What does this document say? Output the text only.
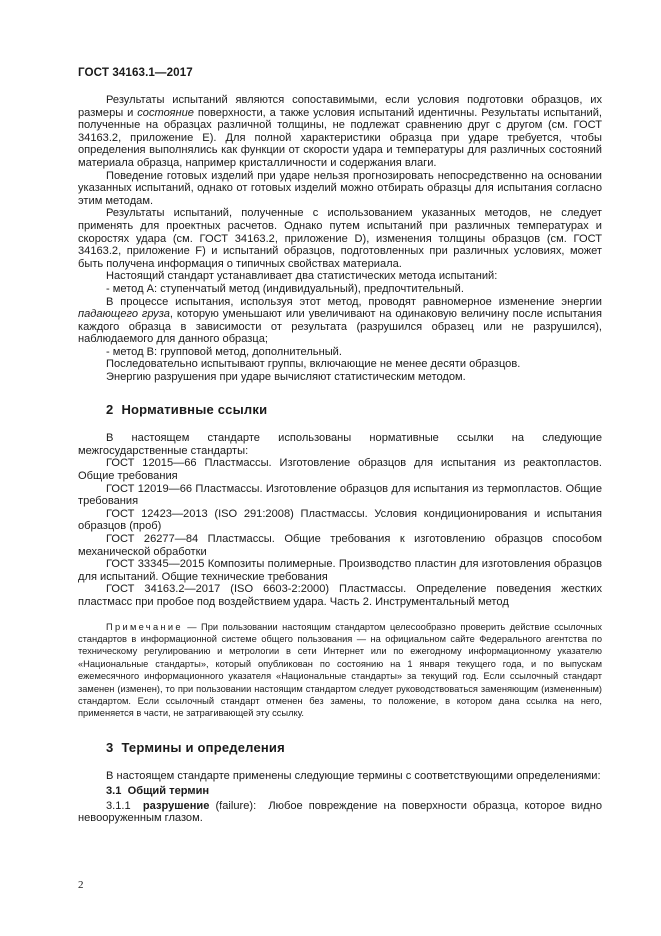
ГОСТ 34163.1—2017

Результаты испытаний являются сопоставимыми, если условия подготовки образцов, их размеры и состояние поверхности, а также условия испытаний идентичны. Результаты испытаний, полученные на образцах различной толщины, не подлежат сравнению друг с другом (см. ГОСТ 34163.2, приложение Е). Для полной характеристики образца при ударе требуется, чтобы определения выполнялись как функции от скорости удара и температуры для различных состояний материала образца, например кристалличности и содержания влаги.

Поведение готовых изделий при ударе нельзя прогнозировать непосредственно на основании указанных испытаний, однако от готовых изделий можно отбирать образцы для испытания согласно этим методам.

Результаты испытаний, полученные с использованием указанных методов, не следует применять для проектных расчетов. Однако путем испытаний при различных температурах и скоростях удара (см. ГОСТ 34163.2, приложение D), изменения толщины образцов (см. ГОСТ 34163.2, приложение F) и испытаний образцов, подготовленных при различных условиях, может быть получена информация о типичных свойствах материала.

Настоящий стандарт устанавливает два статистических метода испытаний:

- метод А: ступенчатый метод (индивидуальный), предпочтительный.

В процессе испытания, используя этот метод, проводят равномерное изменение энергии падающего груза, которую уменьшают или увеличивают на одинаковую величину после испытания каждого образца в зависимости от результата (разрушился образец или не разрушился), наблюдаемого для данного образца;

- метод В: групповой метод, дополнительный.

Последовательно испытывают группы, включающие не менее десяти образцов.

Энергию разрушения при ударе вычисляют статистическим методом.

2 Нормативные ссылки

В настоящем стандарте использованы нормативные ссылки на следующие межгосударственные стандарты:

ГОСТ 12015—66 Пластмассы. Изготовление образцов для испытания из реактопластов. Общие требования

ГОСТ 12019—66 Пластмассы. Изготовление образцов для испытания из термопластов. Общие требования

ГОСТ 12423—2013 (ISO 291:2008) Пластмассы. Условия кондиционирования и испытания образцов (проб)

ГОСТ 26277—84 Пластмассы. Общие требования к изготовлению образцов способом механической обработки

ГОСТ 33345—2015 Композиты полимерные. Производство пластин для изготовления образцов для испытаний. Общие технические требования

ГОСТ 34163.2—2017 (ISO 6603-2:2000) Пластмассы. Определение поведения жестких пластмасс при пробое под воздействием удара. Часть 2. Инструментальный метод

Примечание — При пользовании настоящим стандартом целесообразно проверить действие ссылочных стандартов в информационной системе общего пользования — на официальном сайте Федерального агентства по техническому регулированию и метрологии в сети Интернет или по ежегодному информационному указателю «Национальные стандарты», который опубликован по состоянию на 1 января текущего года, и по выпускам ежемесячного информационного указателя «Национальные стандарты» за текущий год. Если ссылочный стандарт заменен (изменен), то при пользовании настоящим стандартом следует руководствоваться заменяющим (измененным) стандартом. Если ссылочный стандарт отменен без замены, то положение, в котором дана ссылка на него, применяется в части, не затрагивающей эту ссылку.

3 Термины и определения

В настоящем стандарте применены следующие термины с соответствующими определениями:

3.1 Общий термин

3.1.1 разрушение (failure): Любое повреждение на поверхности образца, которое видно невооруженным глазом.

2
